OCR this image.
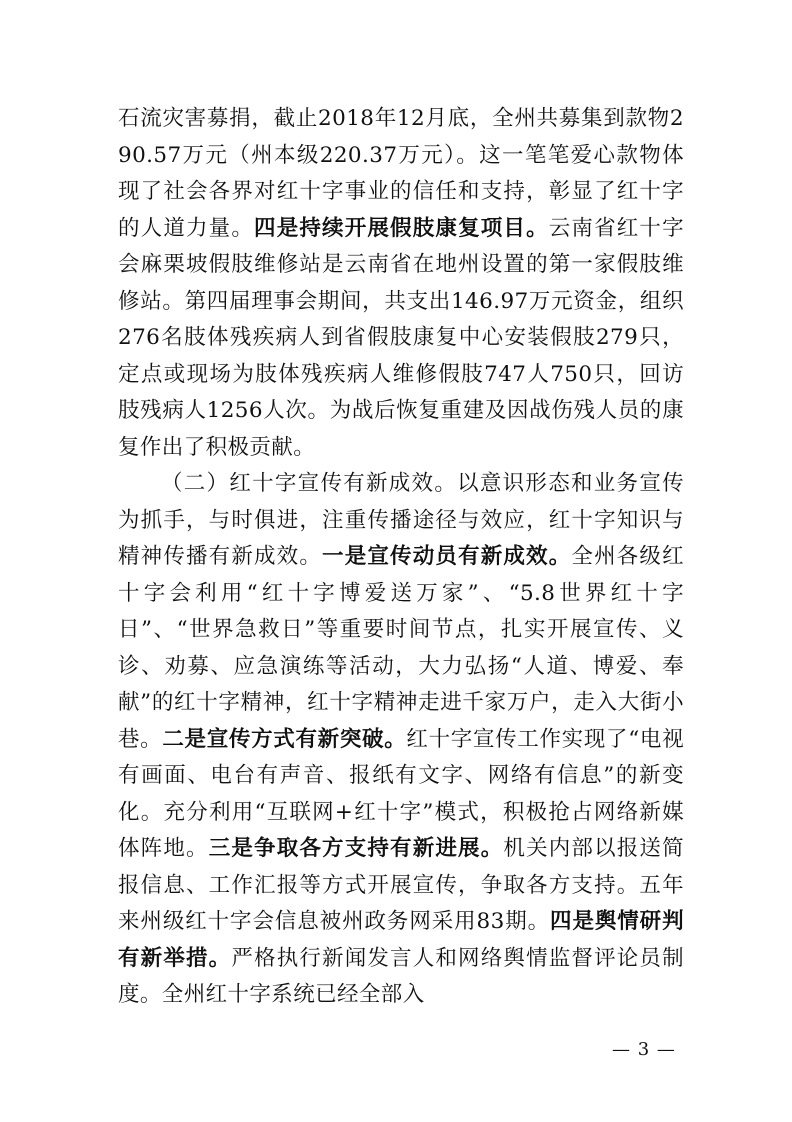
石流灾害募捐，截止2018年12月底，全州共募集到款物290.57万元（州本级220.37万元）。这一笔笔爱心款物体现了社会各界对红十字事业的信任和支持，彰显了红十字的人道力量。四是持续开展假肢康复项目。云南省红十字会麻栗坡假肢维修站是云南省在地州设置的第一家假肢维修站。第四届理事会期间，共支出146.97万元资金，组织276名肢体残疾病人到省假肢康复中心安装假肢279只，定点或现场为肢体残疾病人维修假肢747人750只，回访肢残病人1256人次。为战后恢复重建及因战伤残人员的康复作出了积极贡献。

（二）红十字宣传有新成效。以意识形态和业务宣传为抓手，与时俱进，注重传播途径与效应，红十字知识与精神传播有新成效。一是宣传动员有新成效。全州各级红十字会利用“红十字博爱送万家”、“5.8世界红十字日”、“世界急救日”等重要时间节点，扎实开展宣传、义诊、劝募、应急演练等活动，大力弘扬“人道、博爱、奉献”的红十字精神，红十字精神走进千家万户，走入大街小巷。二是宣传方式有新突破。红十字宣传工作实现了“电视有画面、电台有声音、报纸有文字、网络有信息”的新变化。充分利用“互联网+红十字”模式，积极抢占网络新媒体阵地。三是争取各方支持有新进展。机关内部以报送简报信息、工作汇报等方式开展宣传，争取各方支持。五年来州级红十字会信息被州政务网采用83期。四是舆情研判有新举措。严格执行新闻发言人和网络舆情监督评论员制度。全州红十字系统已经全部入

— 3 —
